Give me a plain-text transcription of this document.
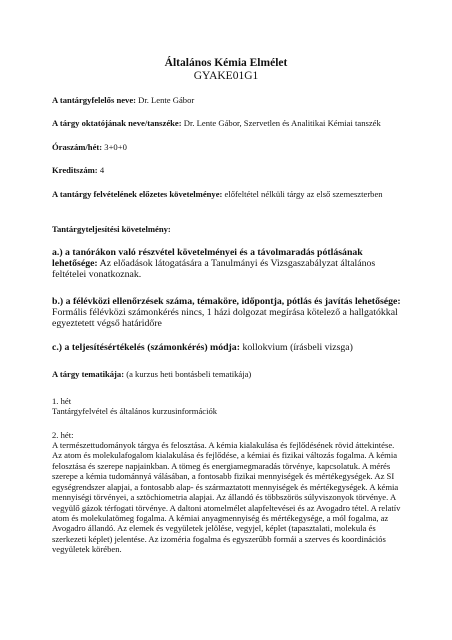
Általános Kémia Elmélet
GYAKE01G1

A tantárgyfelelős neve: Dr. Lente Gábor

A tárgy oktatójának neve/tanszéke: Dr. Lente Gábor, Szervetlen és Analitikai Kémiai tanszék

Óraszám/hét: 3+0+0

Kreditszám: 4

A tantárgy felvételének előzetes követelménye: előfeltétel nélküli tárgy az első szemeszterben

Tantárgyteljesítési követelmény:

a.) a tanórákon való részvétel követelményei és a távolmaradás pótlásának lehetősége: Az előadások látogatására a Tanulmányi és Vizsgaszabályzat általános feltételei vonatkoznak.

b.) a félévközi ellenőrzések száma, témaköre, időpontja, pótlás és javítás lehetősége: Formális félévközi számonkérés nincs, 1 házi dolgozat megírása kötelező a hallgatókkal egyeztetett végső határidőre

c.) a teljesítésértékelés (számonkérés) módja: kollokvium (írásbeli vizsga)

A tárgy tematikája: (a kurzus heti bontásbeli tematikája)

1. hét

Tantárgyfelvétel és általános kurzusinformációk

2. hét:

A természettudományok tárgya és felosztása. A kémia kialakulása és fejlődésének rövid áttekintése. Az atom és molekulafogalom kialakulása és fejlődése, a kémiai és fizikai változás fogalma. A kémia felosztása és szerepe napjainkban. A tömeg és energiamegmaradás törvénye, kapcsolatuk. A mérés szerepe a kémia tudománnyá válásában, a fontosabb fizikai mennyiségek és mértékegységek. Az SI egységrendszer alapjai, a fontosabb alap- és származtatott mennyiségek és mértékegységek. A kémia mennyiségi törvényei, a sztöchiometria alapjai. Az állandó és többszörös súlyviszonyok törvénye. A vegyülő gázok térfogati törvénye. A daltoni atomelmélet alapfeltevései és az Avogadro tétel. A relatív atom és molekulatömeg fogalma. A kémiai anyagmennyiség és mértékegysége, a mól fogalma, az Avogadro állandó. Az elemek és vegyületek jelölése, vegyjel, képlet (tapasztalati, molekula és szerkezeti képlet) jelentése. Az izoméria fogalma és egyszerűbb formái a szerves és koordinációs vegyületek körében.
